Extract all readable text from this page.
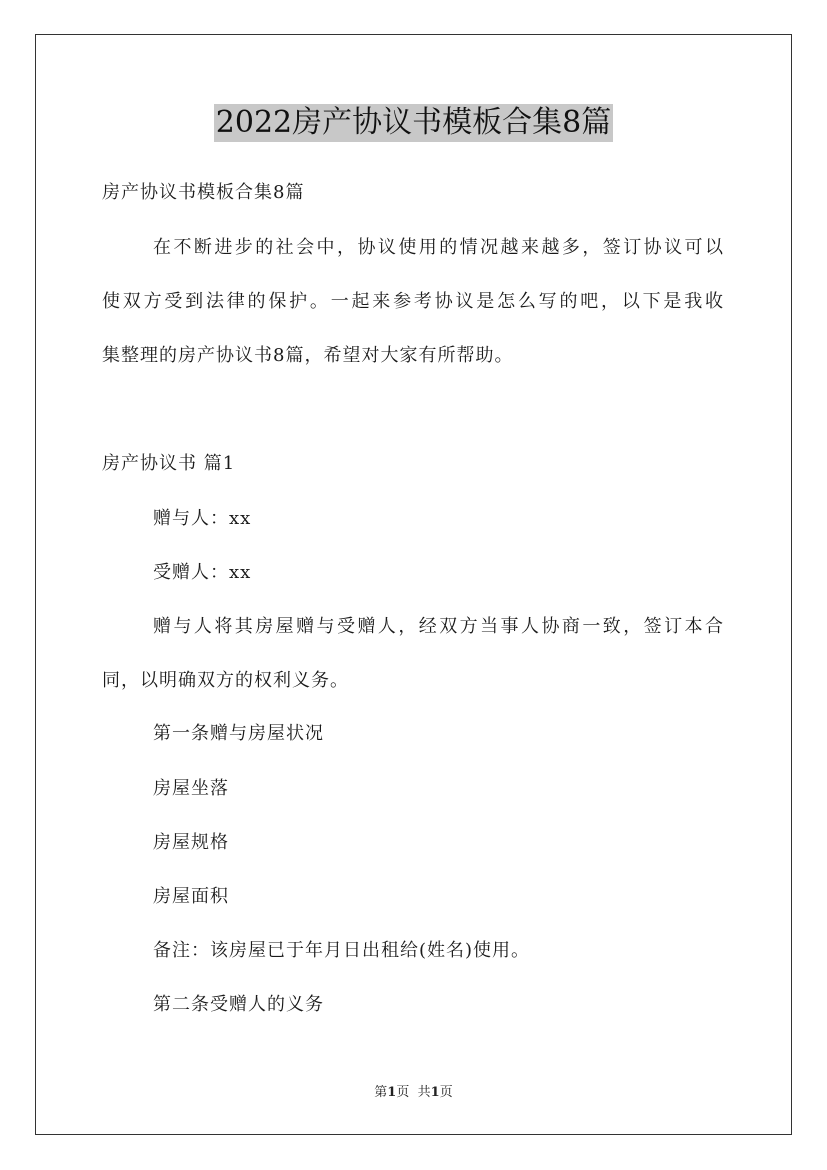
2022房产协议书模板合集8篇
房产协议书模板合集8篇
在不断进步的社会中，协议使用的情况越来越多，签订协议可以
使双方受到法律的保护。一起来参考协议是怎么写的吧，以下是我收
集整理的房产协议书8篇，希望对大家有所帮助。
房产协议书 篇1
赠与人：xx
受赠人：xx
赠与人将其房屋赠与受赠人，经双方当事人协商一致，签订本合
同，以明确双方的权利义务。
第一条赠与房屋状况
房屋坐落
房屋规格
房屋面积
备注：该房屋已于年月日出租给(姓名)使用。
第二条受赠人的义务
第1页 共1页
